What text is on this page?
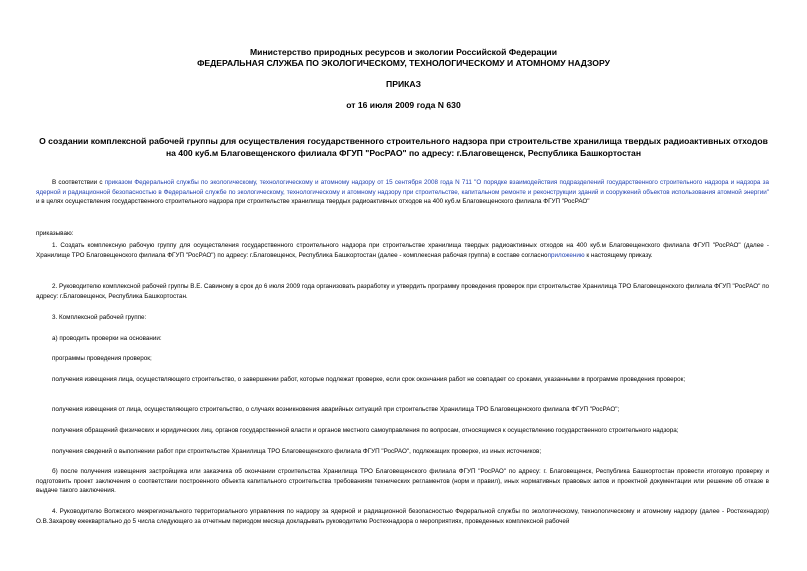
Министерство природных ресурсов и экологии Российской Федерации
ФЕДЕРАЛЬНАЯ СЛУЖБА ПО ЭКОЛОГИЧЕСКОМУ, ТЕХНОЛОГИЧЕСКОМУ И АТОМНОМУ НАДЗОРУ
ПРИКАЗ
от 16 июля 2009 года N 630
О создании комплексной рабочей группы для осуществления государственного строительного надзора при строительстве хранилища твердых радиоактивных отходов на 400 куб.м Благовещенского филиала ФГУП "РосРАО" по адресу: г.Благовещенск, Республика Башкортостан

В соответствии с приказом Федеральной службы по экологическому, технологическому и атомному надзору от 15 сентября 2008 года N 711 "О порядке взаимодействия подразделений государственного строительного надзора и надзора за ядерной и радиационной безопасностью в Федеральной службе по экологическому, технологическому и атомному надзору при строительстве, капитальном ремонте и реконструкции зданий и сооружений объектов использования атомной энергии" и в целях осуществления государственного строительного надзора при строительстве хранилища твердых радиоактивных отходов на 400 куб.м Благовещенского филиала ФГУП "РосРАО"

приказываю:

1. Создать комплексную рабочую группу для осуществления государственного строительного надзора при строительстве хранилища твердых радиоактивных отходов на 400 куб.м Благовещенского филиала ФГУП "РосРАО" (далее - Хранилище ТРО Благовещенского филиала ФГУП "РосРАО") по адресу: г.Благовещенск, Республика Башкортостан (далее - комплексная рабочая группа) в составе согласноприложению к настоящему приказу.

2. Руководителю комплексной рабочей группы В.Е. Савиному в срок до 6 июля 2009 года организовать разработку и утвердить программу проведения проверок при строительстве Хранилища ТРО Благовещенского филиала ФГУП "РосРАО" по адресу: г.Благовещенск, Республика Башкортостан.

3. Комплексной рабочей группе:

а) проводить проверки на основании:

программы проведения проверок;

получения извещения лица, осуществляющего строительство, о завершении работ, которые подлежат проверке, если срок окончания работ не совпадает со сроками, указанными в программе проведения проверок;

получения извещения от лица, осуществляющего строительство, о случаях возникновения аварийных ситуаций при строительстве Хранилища ТРО Благовещенского филиала ФГУП "РосРАО";

получения обращений физических и юридических лиц, органов государственной власти и органов местного самоуправления по вопросам, относящимся к осуществлению государственного строительного надзора;

получения сведений о выполнении работ при строительстве Хранилища ТРО Благовещенского филиала ФГУП "РосРАО", подлежащих проверке, из иных источников;

б) после получения извещения застройщика или заказчика об окончании строительства Хранилища ТРО Благовещенского филиала ФГУП "РосРАО" по адресу: г. Благовещенск, Республика Башкортостан провести итоговую проверку и подготовить проект заключения о соответствии построенного объекта капитального строительства требованиям технических регламентов (норм и правил), иных нормативных правовых актов и проектной документации или решение об отказе в выдаче такого заключения.

4. Руководителю Волжского межрегионального территориального управления по надзору за ядерной и радиационной безопасностью Федеральной службы по экологическому, технологическому и атомному надзору (далее - Ростехнадзор) О.В.Захарову ежеквартально до 5 числа следующего за отчетным периодом месяца докладывать руководителю Ростехнадзора о мероприятиях, проведенных комплексной рабочей
